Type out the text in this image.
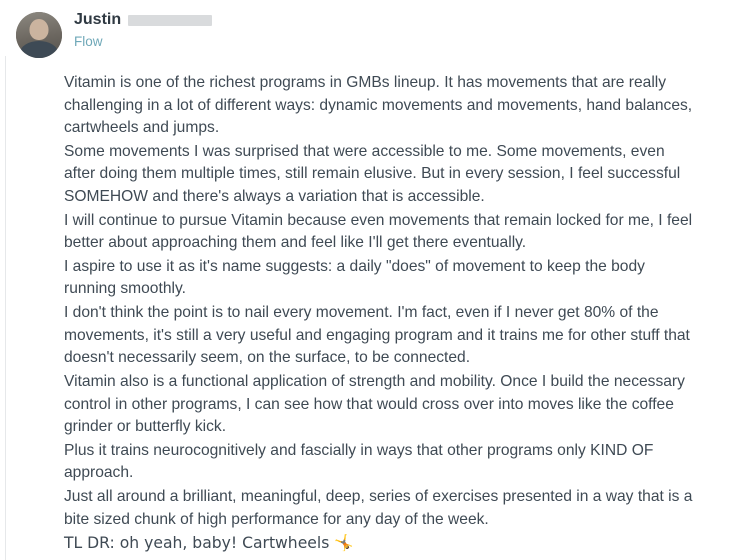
Justin
Flow

Vitamin is one of the richest programs in GMBs lineup. It has movements that are really challenging in a lot of different ways: dynamic movements and movements, hand balances, cartwheels and jumps.

Some movements I was surprised that were accessible to me. Some movements, even after doing them multiple times, still remain elusive. But in every session, I feel successful SOMEHOW and there's always a variation that is accessible.

I will continue to pursue Vitamin because even movements that remain locked for me, I feel better about approaching them and feel like I'll get there eventually.

I aspire to use it as it's name suggests: a daily "does" of movement to keep the body running smoothly.

I don't think the point is to nail every movement. I'm fact, even if I never get 80% of the movements, it's still a very useful and engaging program and it trains me for other stuff that doesn't necessarily seem, on the surface, to be connected.

Vitamin also is a functional application of strength and mobility. Once I build the necessary control in other programs, I can see how that would cross over into moves like the coffee grinder or butterfly kick.

Plus it trains neurocognitively and fascially in ways that other programs only KIND OF approach.

Just all around a brilliant, meaningful, deep, series of exercises presented in a way that is a bite sized chunk of high performance for any day of the week.

TL DR: oh yeah, baby! Cartwheels 🤸
